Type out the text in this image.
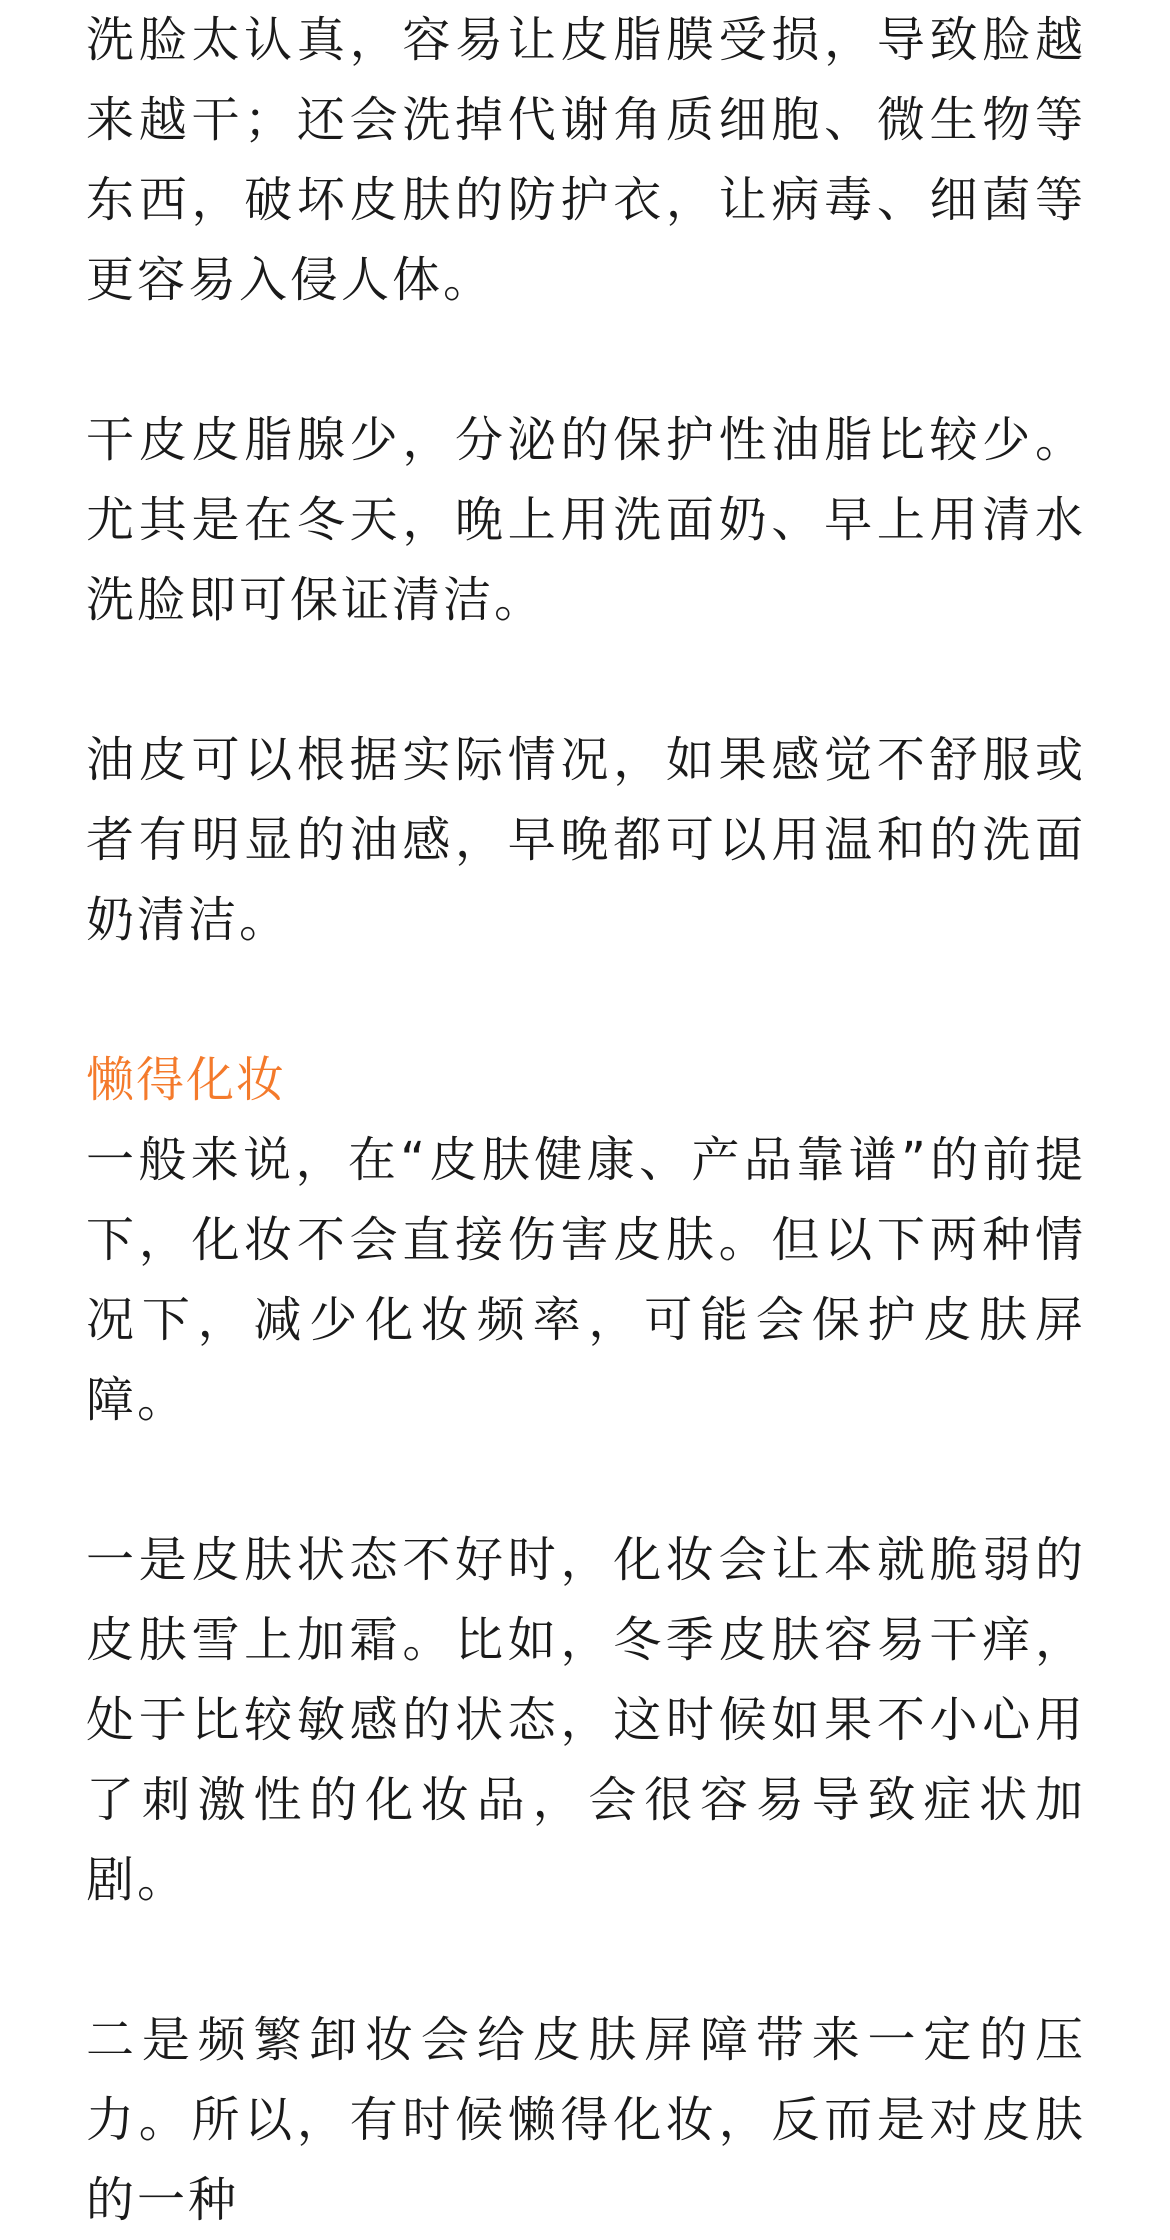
洗脸太认真，容易让皮脂膜受损，导致脸越来越干；还会洗掉代谢角质细胞、微生物等东西，破坏皮肤的防护衣，让病毒、细菌等更容易入侵人体。

干皮皮脂腺少，分泌的保护性油脂比较少。尤其是在冬天，晚上用洗面奶、早上用清水洗脸即可保证清洁。

油皮可以根据实际情况，如果感觉不舒服或者有明显的油感，早晚都可以用温和的洗面奶清洁。

懒得化妆

一般来说，在“皮肤健康、产品靠谱”的前提下，化妆不会直接伤害皮肤。但以下两种情况下，减少化妆频率，可能会保护皮肤屏障。

一是皮肤状态不好时，化妆会让本就脆弱的皮肤雪上加霜。比如，冬季皮肤容易干痒，处于比较敏感的状态，这时候如果不小心用了刺激性的化妆品，会很容易导致症状加剧。

二是频繁卸妆会给皮肤屏障带来一定的压力。所以，有时候懒得化妆，反而是对皮肤的一种
